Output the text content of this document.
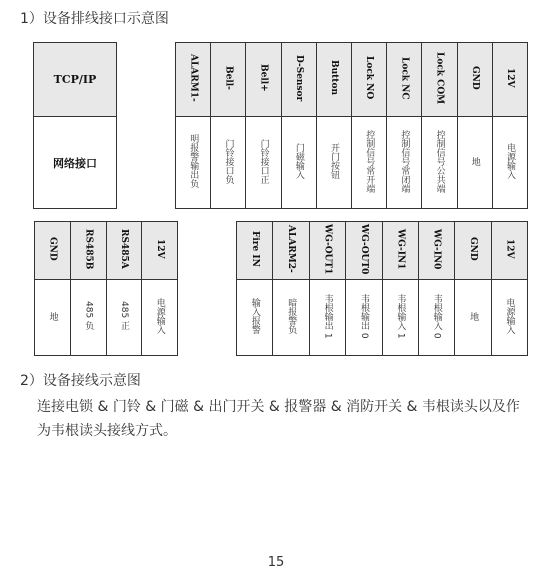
1）设备排线接口示意图
TCP/IP
网络接口
ALARM1-	Bell-	Bell+	D-Sensor	Button	Lock NO	Lock NC	Lock COM	GND	12V
明报警输出负	门铃接口负	门铃接口正	门磁输入	开门按钮	控制信号常开端	控制信号常闭端	控制信号公共端	地	电源输入
GND	RS485B	RS485A	12V
地	485 负	485 正	电源输入
Fire IN	ALARM2-	WG-OUT1	WG-OUT0	WG-IN1	WG-IN0	GND	12V
输入报警	暗报警负	韦根输出 1	韦根输出 0	韦根输入 1	韦根输入 0	地	电源输入
2）设备接线示意图
连接电锁 & 门铃 & 门磁 & 出门开关 & 报警器 & 消防开关 & 韦根读头以及作
为韦根读头接线方式。
15
